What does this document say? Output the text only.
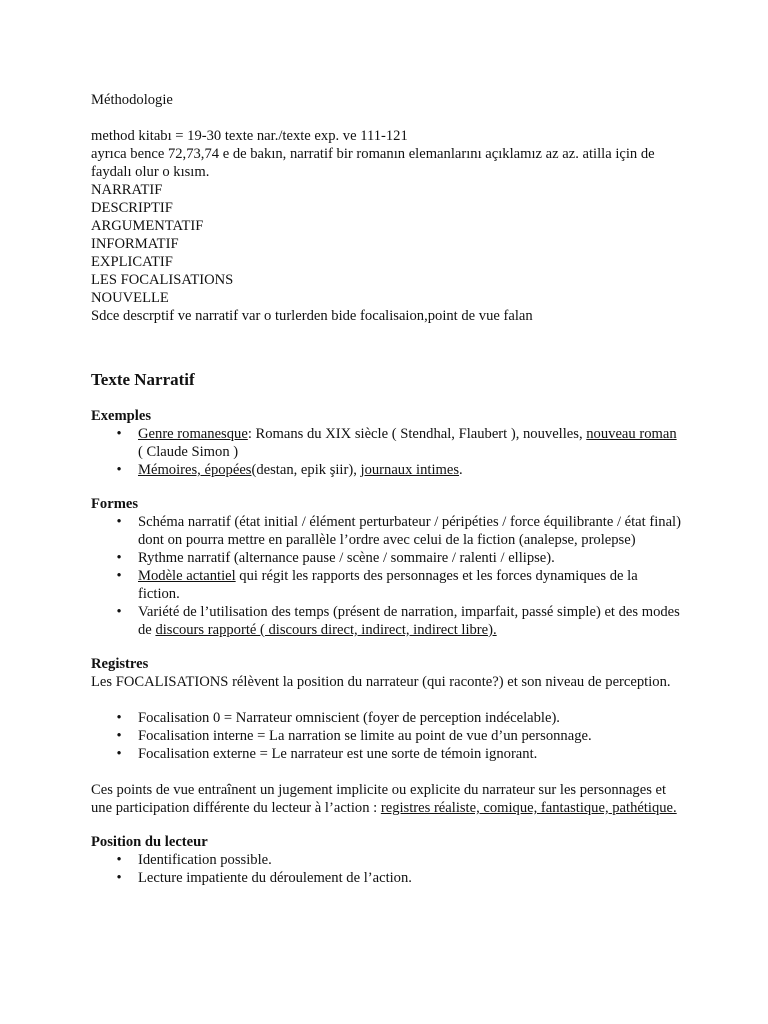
Méthodologie

method kitabı = 19-30 texte nar./texte exp. ve 111-121

ayrıca bence 72,73,74 e de bakın, narratif bir romanın elemanlarını açıklamız az az. atilla için de faydalı olur o kısım.

NARRATIF

DESCRIPTIF

ARGUMENTATIF

INFORMATIF

EXPLICATIF

LES FOCALISATIONS

NOUVELLE

Sdce descrptif ve narratif var o turlerden bide focalisaion,point de vue falan

Texte Narratif
Exemples
• Genre romanesque: Romans du XIX siècle ( Stendhal, Flaubert ), nouvelles, nouveau roman ( Claude Simon )
• Mémoires, épopées(destan, epik şiir), journaux intimes.
Formes
• Schéma narratif (état initial / élément perturbateur / péripéties / force équilibrante / état final) dont on pourra mettre en parallèle l’ordre avec celui de la fiction (analepse, prolepse)
• Rythme narratif (alternance pause / scène / sommaire / ralenti / ellipse).
• Modèle actantiel qui régit les rapports des personnages et les forces dynamiques de la fiction.
• Variété de l’utilisation des temps (présent de narration, imparfait, passé simple) et des modes de discours rapporté ( discours direct, indirect, indirect libre).
Registres

Les FOCALISATIONS rélèvent la position du narrateur (qui raconte?) et son niveau de perception.

• Focalisation 0 = Narrateur omniscient (foyer de perception indécelable).
• Focalisation interne = La narration se limite au point de vue d’un personnage.
• Focalisation externe = Le narrateur est une sorte de témoin ignorant.

Ces points de vue entraînent un jugement implicite ou explicite du narrateur sur les personnages et une participation différente du lecteur à l’action : registres réaliste, comique, fantastique, pathétique.

Position du lecteur
• Identification possible.
• Lecture impatiente du déroulement de l’action.
